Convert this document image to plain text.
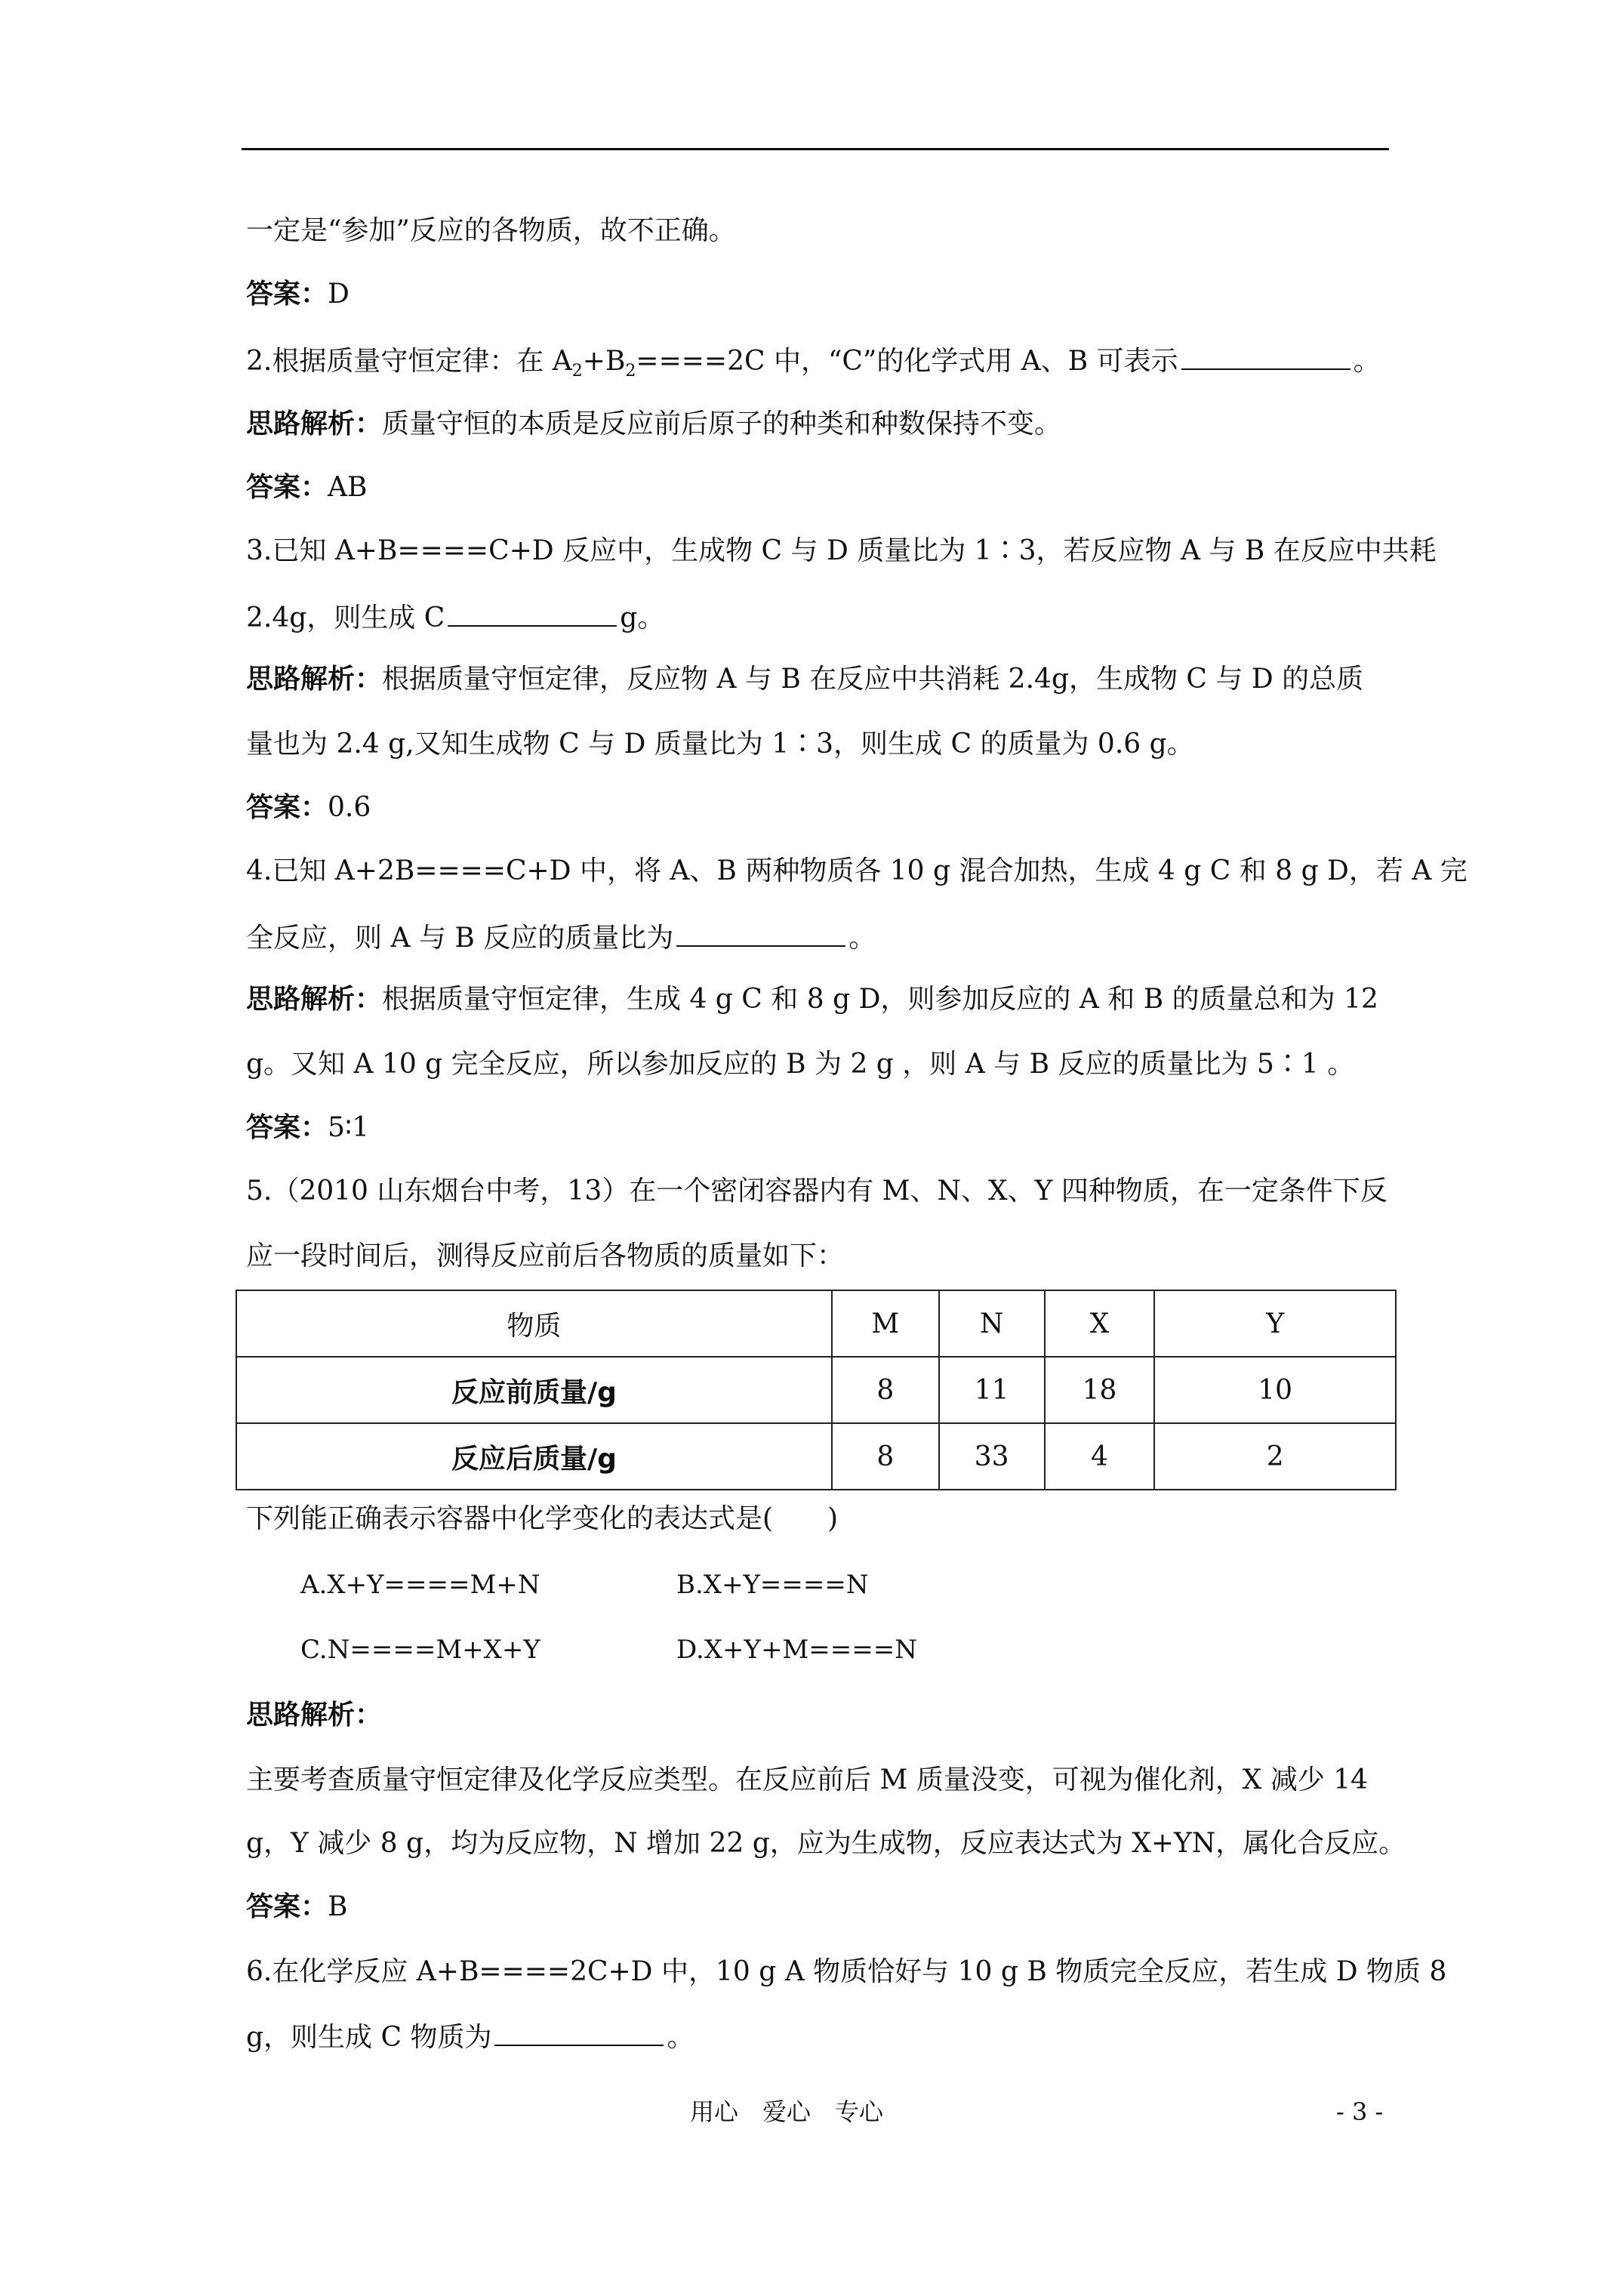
一定是“参加”反应的各物质，故不正确。
答案：D
2.根据质量守恒定律：在 $A_2+B_2====2C$ 中，“C”的化学式用 A、B 可表示	。
思路解析：质量守恒的本质是反应前后原子的种类和种数保持不变。
答案：AB
3.已知 A+B====C+D 反应中，生成物 C 与 D 质量比为 1∶3，若反应物 A 与 B 在反应中共耗
2.4g，则生成 C	g。
思路解析：根据质量守恒定律，反应物 A 与 B 在反应中共消耗 2.4g，生成物 C 与 D 的总质
量也为 2.4 g,又知生成物 C 与 D 质量比为 1∶3，则生成 C 的质量为 0.6 g。
答案：0.6
4.已知 A+2B====C+D 中，将 A、B 两种物质各 10 g 混合加热，生成 4 g C 和 8 g D，若 A 完
全反应，则 A 与 B 反应的质量比为	。
思路解析：根据质量守恒定律，生成 4 g C 和 8 g D，则参加反应的 A 和 B 的质量总和为 12
g。又知 A 10 g 完全反应，所以参加反应的 B 为 2 g ，则 A 与 B 反应的质量比为 5∶1 。
答案：5∶1
5.（2010 山东烟台中考，13）在一个密闭容器内有 M、N、X、Y 四种物质，在一定条件下反
应一段时间后，测得反应前后各物质的质量如下：
物质	M	N	X	Y
反应前质量/g	8	11	18	10
反应后质量/g	8	33	4	2
下列能正确表示容器中化学变化的表达式是(　　)
A.X+Y====M+N	B.X+Y====N
C.N====M+X+Y	D.X+Y+M====N
思路解析：
主要考查质量守恒定律及化学反应类型。在反应前后 M 质量没变，可视为催化剂，X 减少 14
g，Y 减少 8 g，均为反应物，N 增加 22 g，应为生成物，反应表达式为 X+YN，属化合反应。
答案：B
6.在化学反应 A+B====2C+D 中，10 g A 物质恰好与 10 g B 物质完全反应，若生成 D 物质 8
g，则生成 C 物质为	。
用心　爱心　专心	- 3 -
